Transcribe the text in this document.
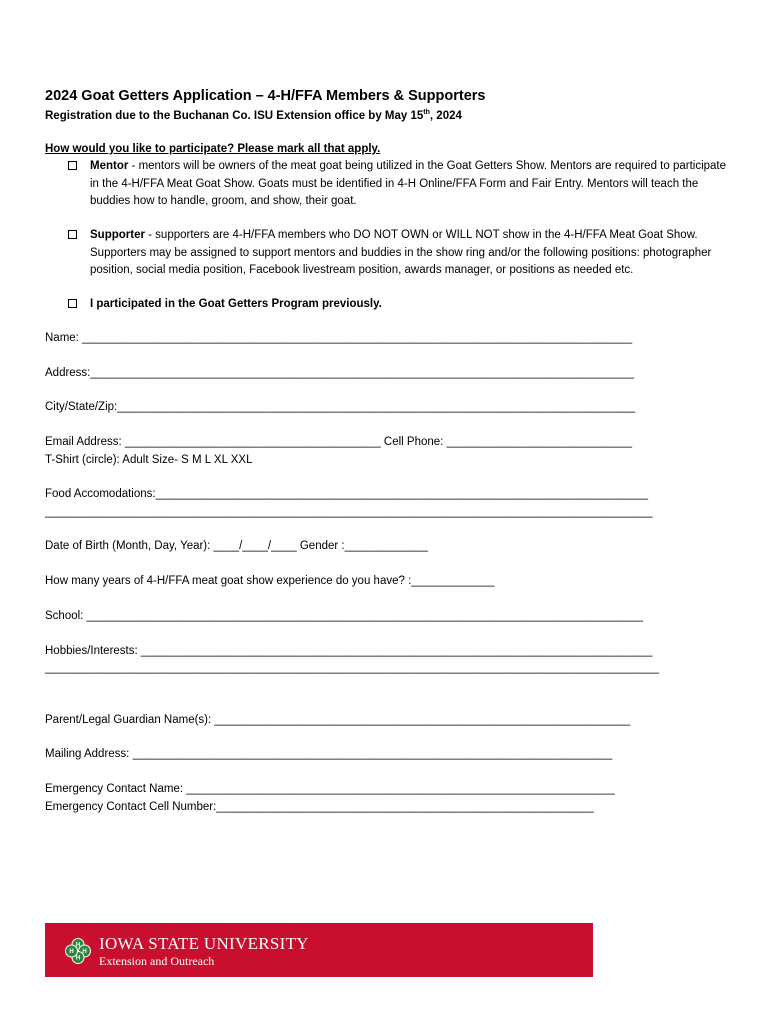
2024 Goat Getters Application – 4-H/FFA Members & Supporters
Registration due to the Buchanan Co. ISU Extension office by May 15th, 2024
How would you like to participate? Please mark all that apply.
Mentor - mentors will be owners of the meat goat being utilized in the Goat Getters Show. Mentors are required to participate in the 4-H/FFA Meat Goat Show. Goats must be identified in 4-H Online/FFA Form and Fair Entry. Mentors will teach the buddies how to handle, groom, and show, their goat.
Supporter - supporters are 4-H/FFA members who DO NOT OWN or WILL NOT show in the 4-H/FFA Meat Goat Show. Supporters may be assigned to support mentors and buddies in the show ring and/or the following positions: photographer position, social media position, Facebook livestream position, awards manager, or positions as needed etc.
I participated in the Goat Getters Program previously.
Name: ______________________________________________________________________________________
Address:_____________________________________________________________________________________
City/State/Zip:_________________________________________________________________________________
Email Address: ________________________________________ Cell Phone: _____________________________
T-Shirt (circle): Adult Size- S M L XL XXL
Food Accomodations:_____________________________________________________________________________
_______________________________________________________________________________________________
Date of Birth (Month, Day, Year): ____/____/____ Gender :_____________
How many years of 4-H/FFA meat goat show experience do you have? :_____________
School: _______________________________________________________________________________________
Hobbies/Interests: ________________________________________________________________________________
________________________________________________________________________________________________
Parent/Legal Guardian Name(s): _________________________________________________________________
Mailing Address: ___________________________________________________________________________
Emergency Contact Name: ___________________________________________________________________
Emergency Contact Cell Number:___________________________________________________________
H
H
H
H IOWA STATE UNIVERSITY
Extension and Outreach
